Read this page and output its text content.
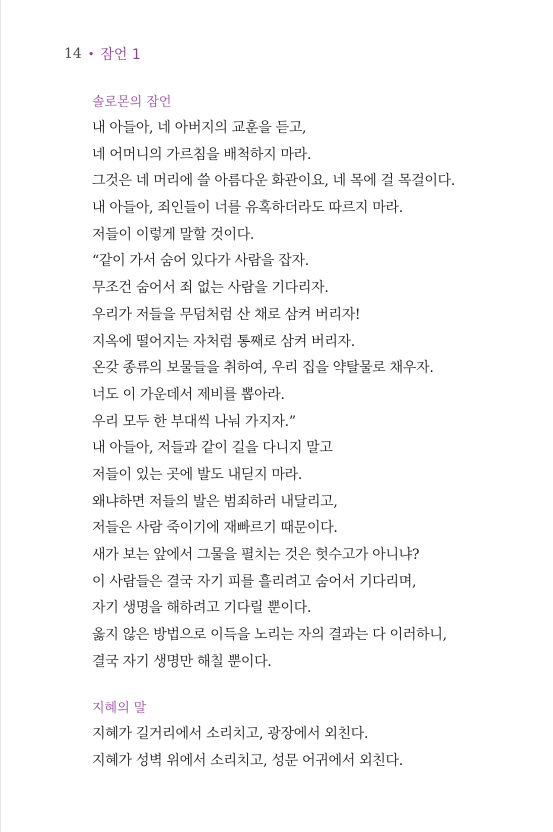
14 • 잠언 1
솔로몬의 잠언
내 아들아, 네 아버지의 교훈을 듣고,
네 어머니의 가르침을 배척하지 마라.
그것은 네 머리에 쓸 아름다운 화관이요, 네 목에 걸 목걸이다.
내 아들아, 죄인들이 너를 유혹하더라도 따르지 마라.
저들이 이렇게 말할 것이다.
“같이 가서 숨어 있다가 사람을 잡자.
무조건 숨어서 죄 없는 사람을 기다리자.
우리가 저들을 무덤처럼 산 채로 삼켜 버리자!
지옥에 떨어지는 자처럼 통째로 삼켜 버리자.
온갖 종류의 보물들을 취하여, 우리 집을 약탈물로 채우자.
너도 이 가운데서 제비를 뽑아라.
우리 모두 한 부대씩 나눠 가지자.”
내 아들아, 저들과 같이 길을 다니지 말고
저들이 있는 곳에 발도 내딛지 마라.
왜냐하면 저들의 발은 범죄하러 내달리고,
저들은 사람 죽이기에 재빠르기 때문이다.
새가 보는 앞에서 그물을 펼치는 것은 헛수고가 아니냐?
이 사람들은 결국 자기 피를 흘리려고 숨어서 기다리며,
자기 생명을 해하려고 기다릴 뿐이다.
옳지 않은 방법으로 이득을 노리는 자의 결과는 다 이러하니,
결국 자기 생명만 해칠 뿐이다.
지혜의 말
지혜가 길거리에서 소리치고, 광장에서 외친다.
지혜가 성벽 위에서 소리치고, 성문 어귀에서 외친다.
